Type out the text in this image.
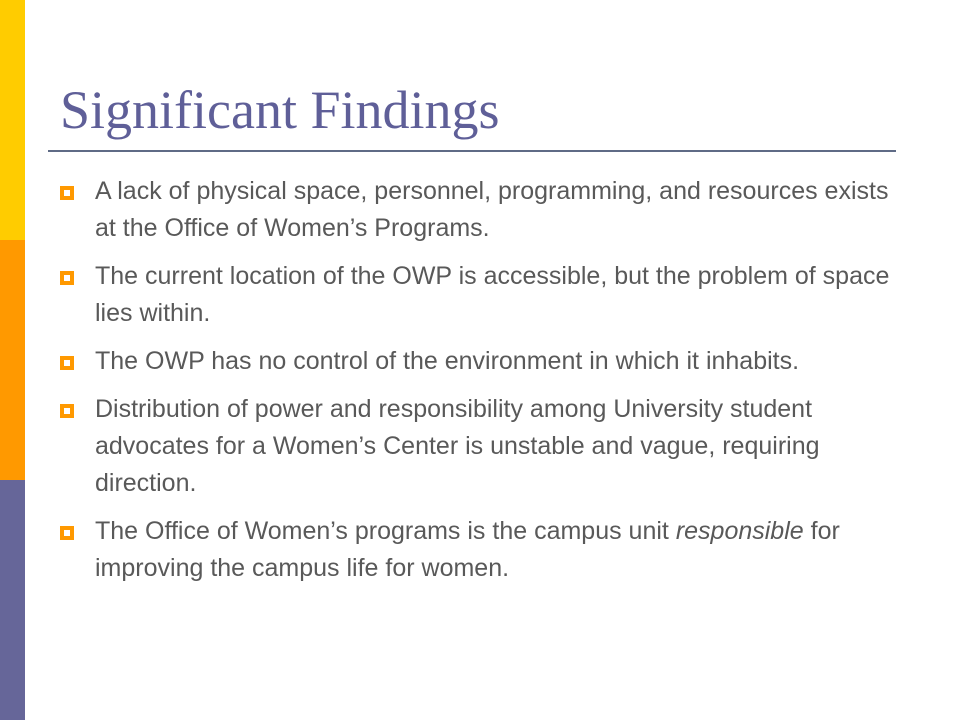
Significant Findings
A lack of physical space, personnel, programming, and resources exists at the Office of Women’s Programs.
The current location of the OWP is accessible, but the problem of space lies within.
The OWP has no control of the environment in which it inhabits.
Distribution of power and responsibility among University student advocates for a Women’s Center is unstable and vague, requiring direction.
The Office of Women’s programs is the campus unit responsible for improving the campus life for women.
